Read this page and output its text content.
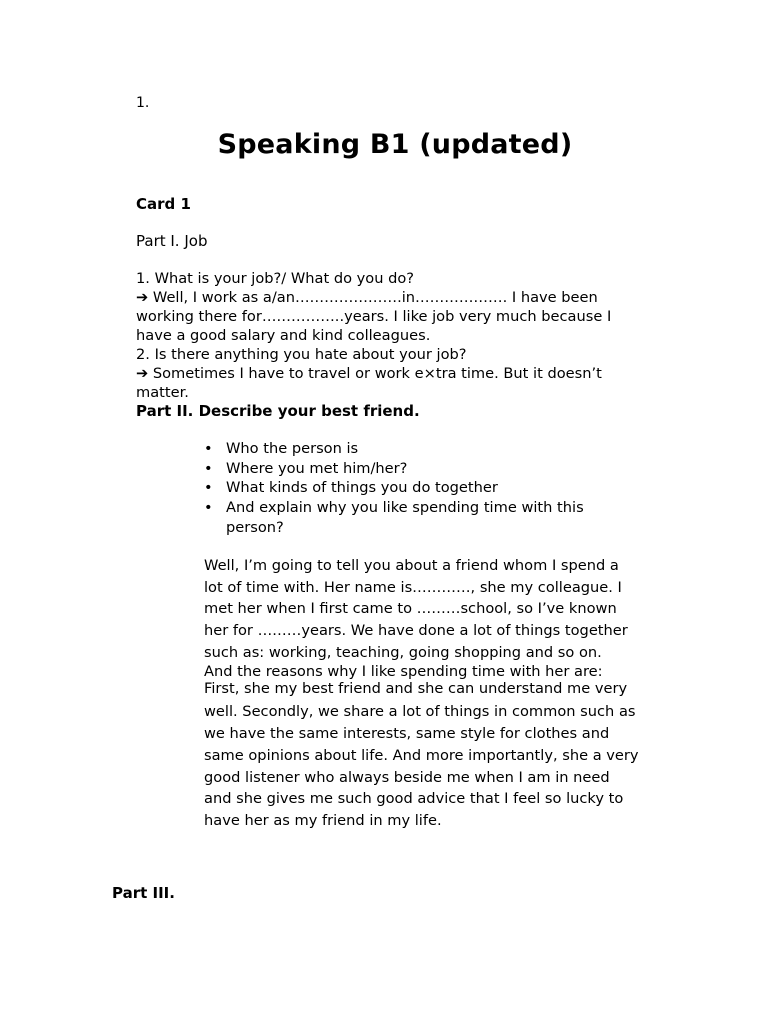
1.
Speaking B1 (updated)
Card 1
Part I. Job
1. What is your job?/ What do you do?
➔ Well, I work as a/an………………….in………………. I have been
working there for……………..years. I like job very much because I
have a good salary and kind colleagues.
2. Is there anything you hate about your job?
➔ Sometimes I have to travel or work e×tra time. But it doesn’t
matter.
Part II. Describe your best friend.
• Who the person is
• Where you met him/her?
• What kinds of things you do together
• And explain why you like spending time with this
person?
Well, I’m going to tell you about a friend whom I spend a
lot of time with. Her name is…………, she my colleague. I
met her when I first came to ………school, so I’ve known
her for ………years. We have done a lot of things together
such as: working, teaching, going shopping and so on.
And the reasons why I like spending time with her are:
First, she my best friend and she can understand me very
well. Secondly, we share a lot of things in common such as
we have the same interests, same style for clothes and
same opinions about life. And more importantly, she a very
good listener who always beside me when I am in need
and she gives me such good advice that I feel so lucky to
have her as my friend in my life.
Part III.
